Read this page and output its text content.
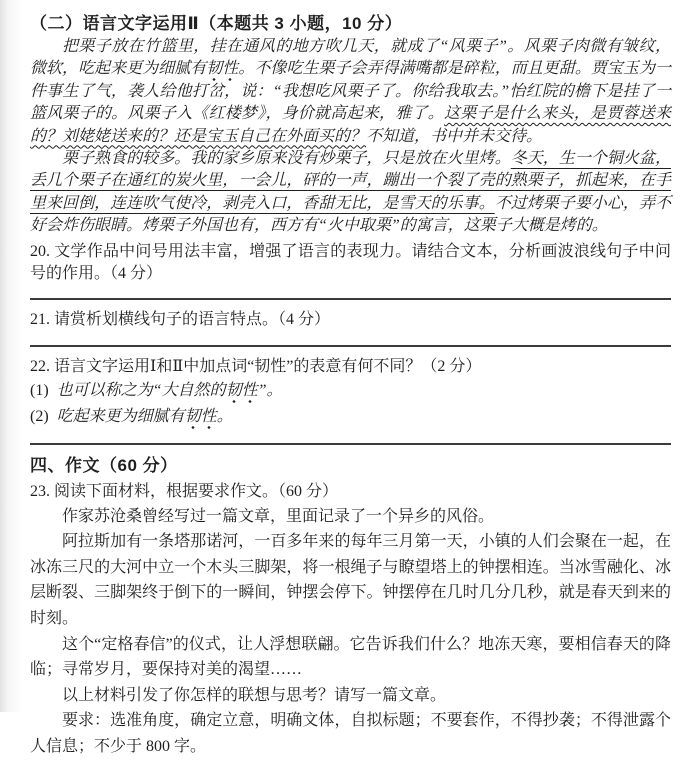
（二）语言文字运用Ⅱ（本题共 3 小题，10 分）

把栗子放在竹篮里，挂在通风的地方吹几天，就成了“风栗子”。风栗子肉微有皱纹，微软，吃起来更为细腻有韧性。不像吃生栗子会弄得满嘴都是碎粒，而且更甜。贾宝玉为一件事生了气，袭人给他打岔，说：“我想吃风栗子了。你给我取去。”怡红院的檐下是挂了一篮风栗子的。风栗子入《红楼梦》，身价就高起来，雅了。这栗子是什么来头，是贾蓉送来的？刘姥姥送来的？还是宝玉自己在外面买的？不知道，书中并未交待。

栗子熟食的较多。我的家乡原来没有炒栗子，只是放在火里烤。冬天，生一个铜火盆，丢几个栗子在通红的炭火里，一会儿，砰的一声，蹦出一个裂了壳的熟栗子，抓起来，在手里来回倒，连连吹气使冷，剥壳入口，香甜无比，是雪天的乐事。不过烤栗子要小心，弄不好会炸伤眼睛。烤栗子外国也有，西方有“火中取栗”的寓言，这栗子大概是烤的。

20. 文学作品中问号用法丰富，增强了语言的表现力。请结合文本，分析画波浪线句子中问号的作用。（4 分）

21. 请赏析划横线句子的语言特点。（4 分）

22. 语言文字运用Ⅰ和Ⅱ中加点词“韧性”的表意有何不同？（2 分）

(1) 也可以称之为“大自然的韧性”。

(2) 吃起来更为细腻有韧性。

四、作文（60 分）

23. 阅读下面材料，根据要求作文。（60 分）

作家苏沧桑曾经写过一篇文章，里面记录了一个异乡的风俗。

阿拉斯加有一条塔那诺河，一百多年来的每年三月第一天，小镇的人们会聚在一起，在冰冻三尺的大河中立一个木头三脚架，将一根绳子与瞭望塔上的钟摆相连。当冰雪融化、冰层断裂、三脚架终于倒下的一瞬间，钟摆会停下。钟摆停在几时几分几秒，就是春天到来的时刻。

这个“定格春信”的仪式，让人浮想联翩。它告诉我们什么？地冻天寒，要相信春天的降临；寻常岁月，要保持对美的渴望……

以上材料引发了你怎样的联想与思考？请写一篇文章。

要求：选准角度，确定立意，明确文体，自拟标题；不要套作，不得抄袭；不得泄露个人信息；不少于 800 字。
